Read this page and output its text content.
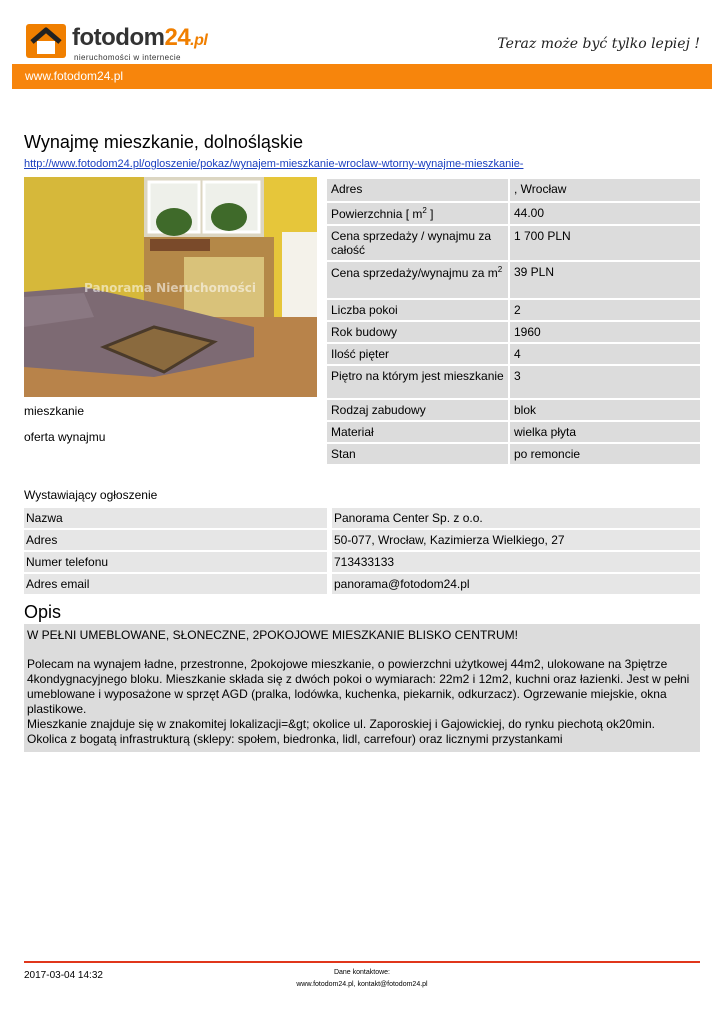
fotodom24.pl
nieruchomości w internecie
Teraz może być tylko lepiej !
www.fotodom24.pl
Wynajmę mieszkanie, dolnośląskie
http://www.fotodom24.pl/ogloszenie/pokaz/wynajem-mieszkanie-wroclaw-wtorny-wynajme-mieszkanie-
Panorama Nieruchomości
mieszkanie
oferta wynajmu
Adres	, Wrocław
Powierzchnia [ $m^2$ ]	44.00
Cena sprzedaży / wynajmu za całość	1 700 PLN
Cena sprzedaży/wynajmu za $m^2$	39 PLN
Liczba pokoi	2
Rok budowy	1960
Ilość pięter	4
Piętro na którym jest mieszkanie	3
Rodzaj zabudowy	blok
Materiał	wielka płyta
Stan	po remoncie
Wystawiający ogłoszenie
Nazwa	Panorama Center Sp. z o.o.
Adres	50-077, Wrocław, Kazimierza Wielkiego, 27
Numer telefonu	713433133
Adres email	panorama@fotodom24.pl
Opis

W PEŁNI UMEBLOWANE, SŁONECZNE, 2POKOJOWE MIESZKANIE BLISKO CENTRUM!

Polecam na wynajem ładne, przestronne, 2pokojowe mieszkanie, o powierzchni użytkowej 44m2, ulokowane na 3piętrze 4kondygnacyjnego bloku. Mieszkanie składa się z dwóch pokoi o wymiarach: 22m2 i 12m2, kuchni oraz łazienki. Jest w pełni umeblowane i wyposażone w sprzęt AGD (pralka, lodówka, kuchenka, piekarnik, odkurzacz). Ogrzewanie miejskie, okna plastikowe.

Mieszkanie znajduje się w znakomitej lokalizacji=&gt; okolice ul. Zaporoskiej i Gajowickiej, do rynku piechotą ok20min. Okolica z bogatą infrastrukturą (sklepy: społem, biedronka, lidl, carrefour) oraz licznymi przystankami

2017-03-04 14:32	Dane kontaktowe:
www.fotodom24.pl, kontakt@fotodom24.pl
